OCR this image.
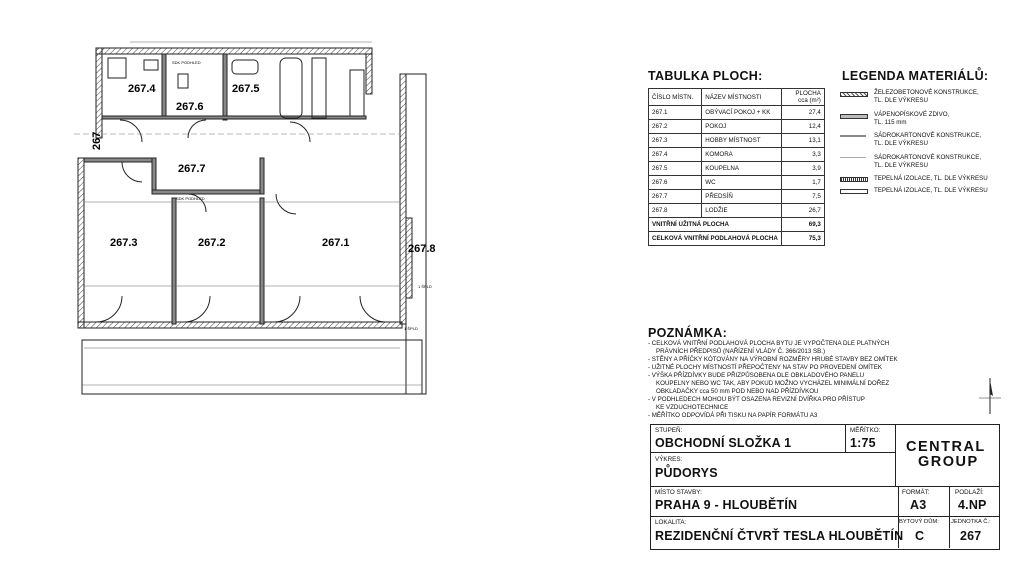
267.4
267.6
267.5
267.7
267.3	267.2	267.1	267.8
267
SDK PODHLED
SDK PODHLED
1 ŠPLD
1 ŠPLD
TABULKA PLOCH:
ČÍSLO MÍSTN.	NÁZEV MÍSTNOSTI	PLOCHA cca (m²)
267.1	OBÝVACÍ POKOJ + KK	27,4
267.2	POKOJ	12,4
267.3	HOBBY MÍSTNOST	13,1
267.4	KOMORA	3,3
267.5	KOUPELNA	3,9
267.6	WC	1,7
267.7	PŘEDSÍŇ	7,5
267.8	LODŽIE	26,7
VNITŘNÍ UŽITNÁ PLOCHA		69,3
CELKOVÁ VNITŘNÍ PODLAHOVÁ PLOCHA		75,3
LEGENDA MATERIÁLŮ:
ŽELEZOBETONOVÉ KONSTRUKCE,
TL. DLE VÝKRESU
VÁPENOPÍSKOVÉ ZDIVO,
TL. 115 mm
SÁDROKARTONOVÉ KONSTRUKCE,
TL. DLE VÝKRESU
SÁDROKARTONOVÉ KONSTRUKCE,
TL. DLE VÝKRESU
TEPELNÁ IZOLACE, TL. DLE VÝKRESU
TEPELNÁ IZOLACE, TL. DLE VÝKRESU
POZNÁMKA:
- CELKOVÁ VNITŘNÍ PODLAHOVÁ PLOCHA BYTU JE VYPOČTENA DLE PLATNÝCH
PRÁVNÍCH PŘEDPISŮ (NAŘÍZENÍ VLÁDY Č. 366/2013 SB.)
- STĚNY A PŘÍČKY KÓTOVÁNY NA VÝROBNÍ ROZMĚRY HRUBÉ STAVBY BEZ OMÍTEK
- UŽITNÉ PLOCHY MÍSTNOSTÍ PŘEPOČTENY NA STAV PO PROVEDENÍ OMÍTEK
- VÝŠKA PŘÍZDÍVKY BUDE PŘIZPŮSOBENA DLE OBKLADOVÉHO PANELU
KOUPELNY NEBO WC TAK, ABY POKUD MOŽNO VYCHÁZEL MINIMÁLNÍ DOŘEZ
OBKLADAČKY cca 50 mm POD NEBO NAD PŘÍZDÍVKOU
- V PODHLEDECH MOHOU BÝT OSAZENA REVIZNÍ DVÍŘKA PRO PŘÍSTUP
KE VZDUCHOTECHNICE
- MĚŘÍTKO ODPOVÍDÁ PŘI TISKU NA PAPÍR FORMÁTU A3
STUPEŇ:
OBCHODNÍ SLOŽKA 1
MĚŘÍTKO:
1:75
VÝKRES:
PŮDORYS
CENTRAL
GROUP
MÍSTO STAVBY:
PRAHA 9 - HLOUBĚTÍN
FORMÁT:
A3
PODLAŽÍ:
4.NP
LOKALITA:
REZIDENČNÍ ČTVRŤ TESLA HLOUBĚTÍN
BYTOVÝ DŮM:
C
JEDNOTKA Č.:
267
